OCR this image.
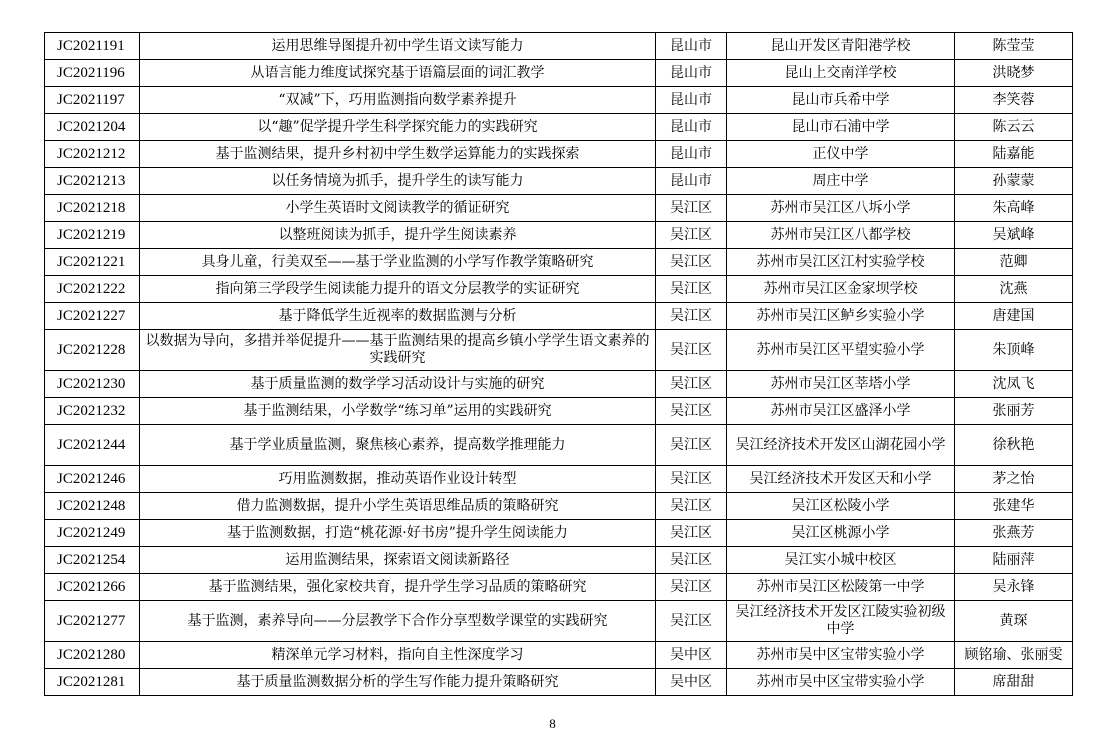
JC2021191	运用思维导图提升初中学生语文读写能力	昆山市	昆山开发区青阳港学校	陈莹莹
JC2021196	从语言能力维度试探究基于语篇层面的词汇教学	昆山市	昆山上交南洋学校	洪晓梦
JC2021197	“双减”下，巧用监测指向数学素养提升	昆山市	昆山市兵希中学	李笑蓉
JC2021204	以“趣”促学提升学生科学探究能力的实践研究	昆山市	昆山市石浦中学	陈云云
JC2021212	基于监测结果，提升乡村初中学生数学运算能力的实践探索	昆山市	正仪中学	陆嘉能
JC2021213	以任务情境为抓手，提升学生的读写能力	昆山市	周庄中学	孙蒙蒙
JC2021218	小学生英语时文阅读教学的循证研究	吴江区	苏州市吴江区八坼小学	朱高峰
JC2021219	以整班阅读为抓手，提升学生阅读素养	吴江区	苏州市吴江区八都学校	吴斌峰
JC2021221	具身儿童，行美双至——基于学业监测的小学写作教学策略研究	吴江区	苏州市吴江区江村实验学校	范卿
JC2021222	指向第三学段学生阅读能力提升的语文分层教学的实证研究	吴江区	苏州市吴江区金家坝学校	沈燕
JC2021227	基于降低学生近视率的数据监测与分析	吴江区	苏州市吴江区鲈乡实验小学	唐建国
JC2021228	以数据为导向，多措并举促提升——基于监测结果的提高乡镇小学学生语文素养的实践研究	吴江区	苏州市吴江区平望实验小学	朱顶峰
JC2021230	基于质量监测的数学学习活动设计与实施的研究	吴江区	苏州市吴江区莘塔小学	沈凤飞
JC2021232	基于监测结果，小学数学“练习单”运用的实践研究	吴江区	苏州市吴江区盛泽小学	张丽芳
JC2021244	基于学业质量监测，聚焦核心素养，提高数学推理能力	吴江区	吴江经济技术开发区山湖花园小学	徐秋艳
JC2021246	巧用监测数据，推动英语作业设计转型	吴江区	吴江经济技术开发区天和小学	茅之怡
JC2021248	借力监测数据，提升小学生英语思维品质的策略研究	吴江区	吴江区松陵小学	张建华
JC2021249	基于监测数据，打造“桃花源·好书房”提升学生阅读能力	吴江区	吴江区桃源小学	张燕芳
JC2021254	运用监测结果，探索语文阅读新路径	吴江区	吴江实小城中校区	陆丽萍
JC2021266	基于监测结果，强化家校共育，提升学生学习品质的策略研究	吴江区	苏州市吴江区松陵第一中学	吴永锋
JC2021277	基于监测，素养导向——分层教学下合作分享型数学课堂的实践研究	吴江区	吴江经济技术开发区江陵实验初级中学	黄琛
JC2021280	精深单元学习材料，指向自主性深度学习	吴中区	苏州市吴中区宝带实验小学	顾铭瑜、张丽雯
JC2021281	基于质量监测数据分析的学生写作能力提升策略研究	吴中区	苏州市吴中区宝带实验小学	席甜甜
8
